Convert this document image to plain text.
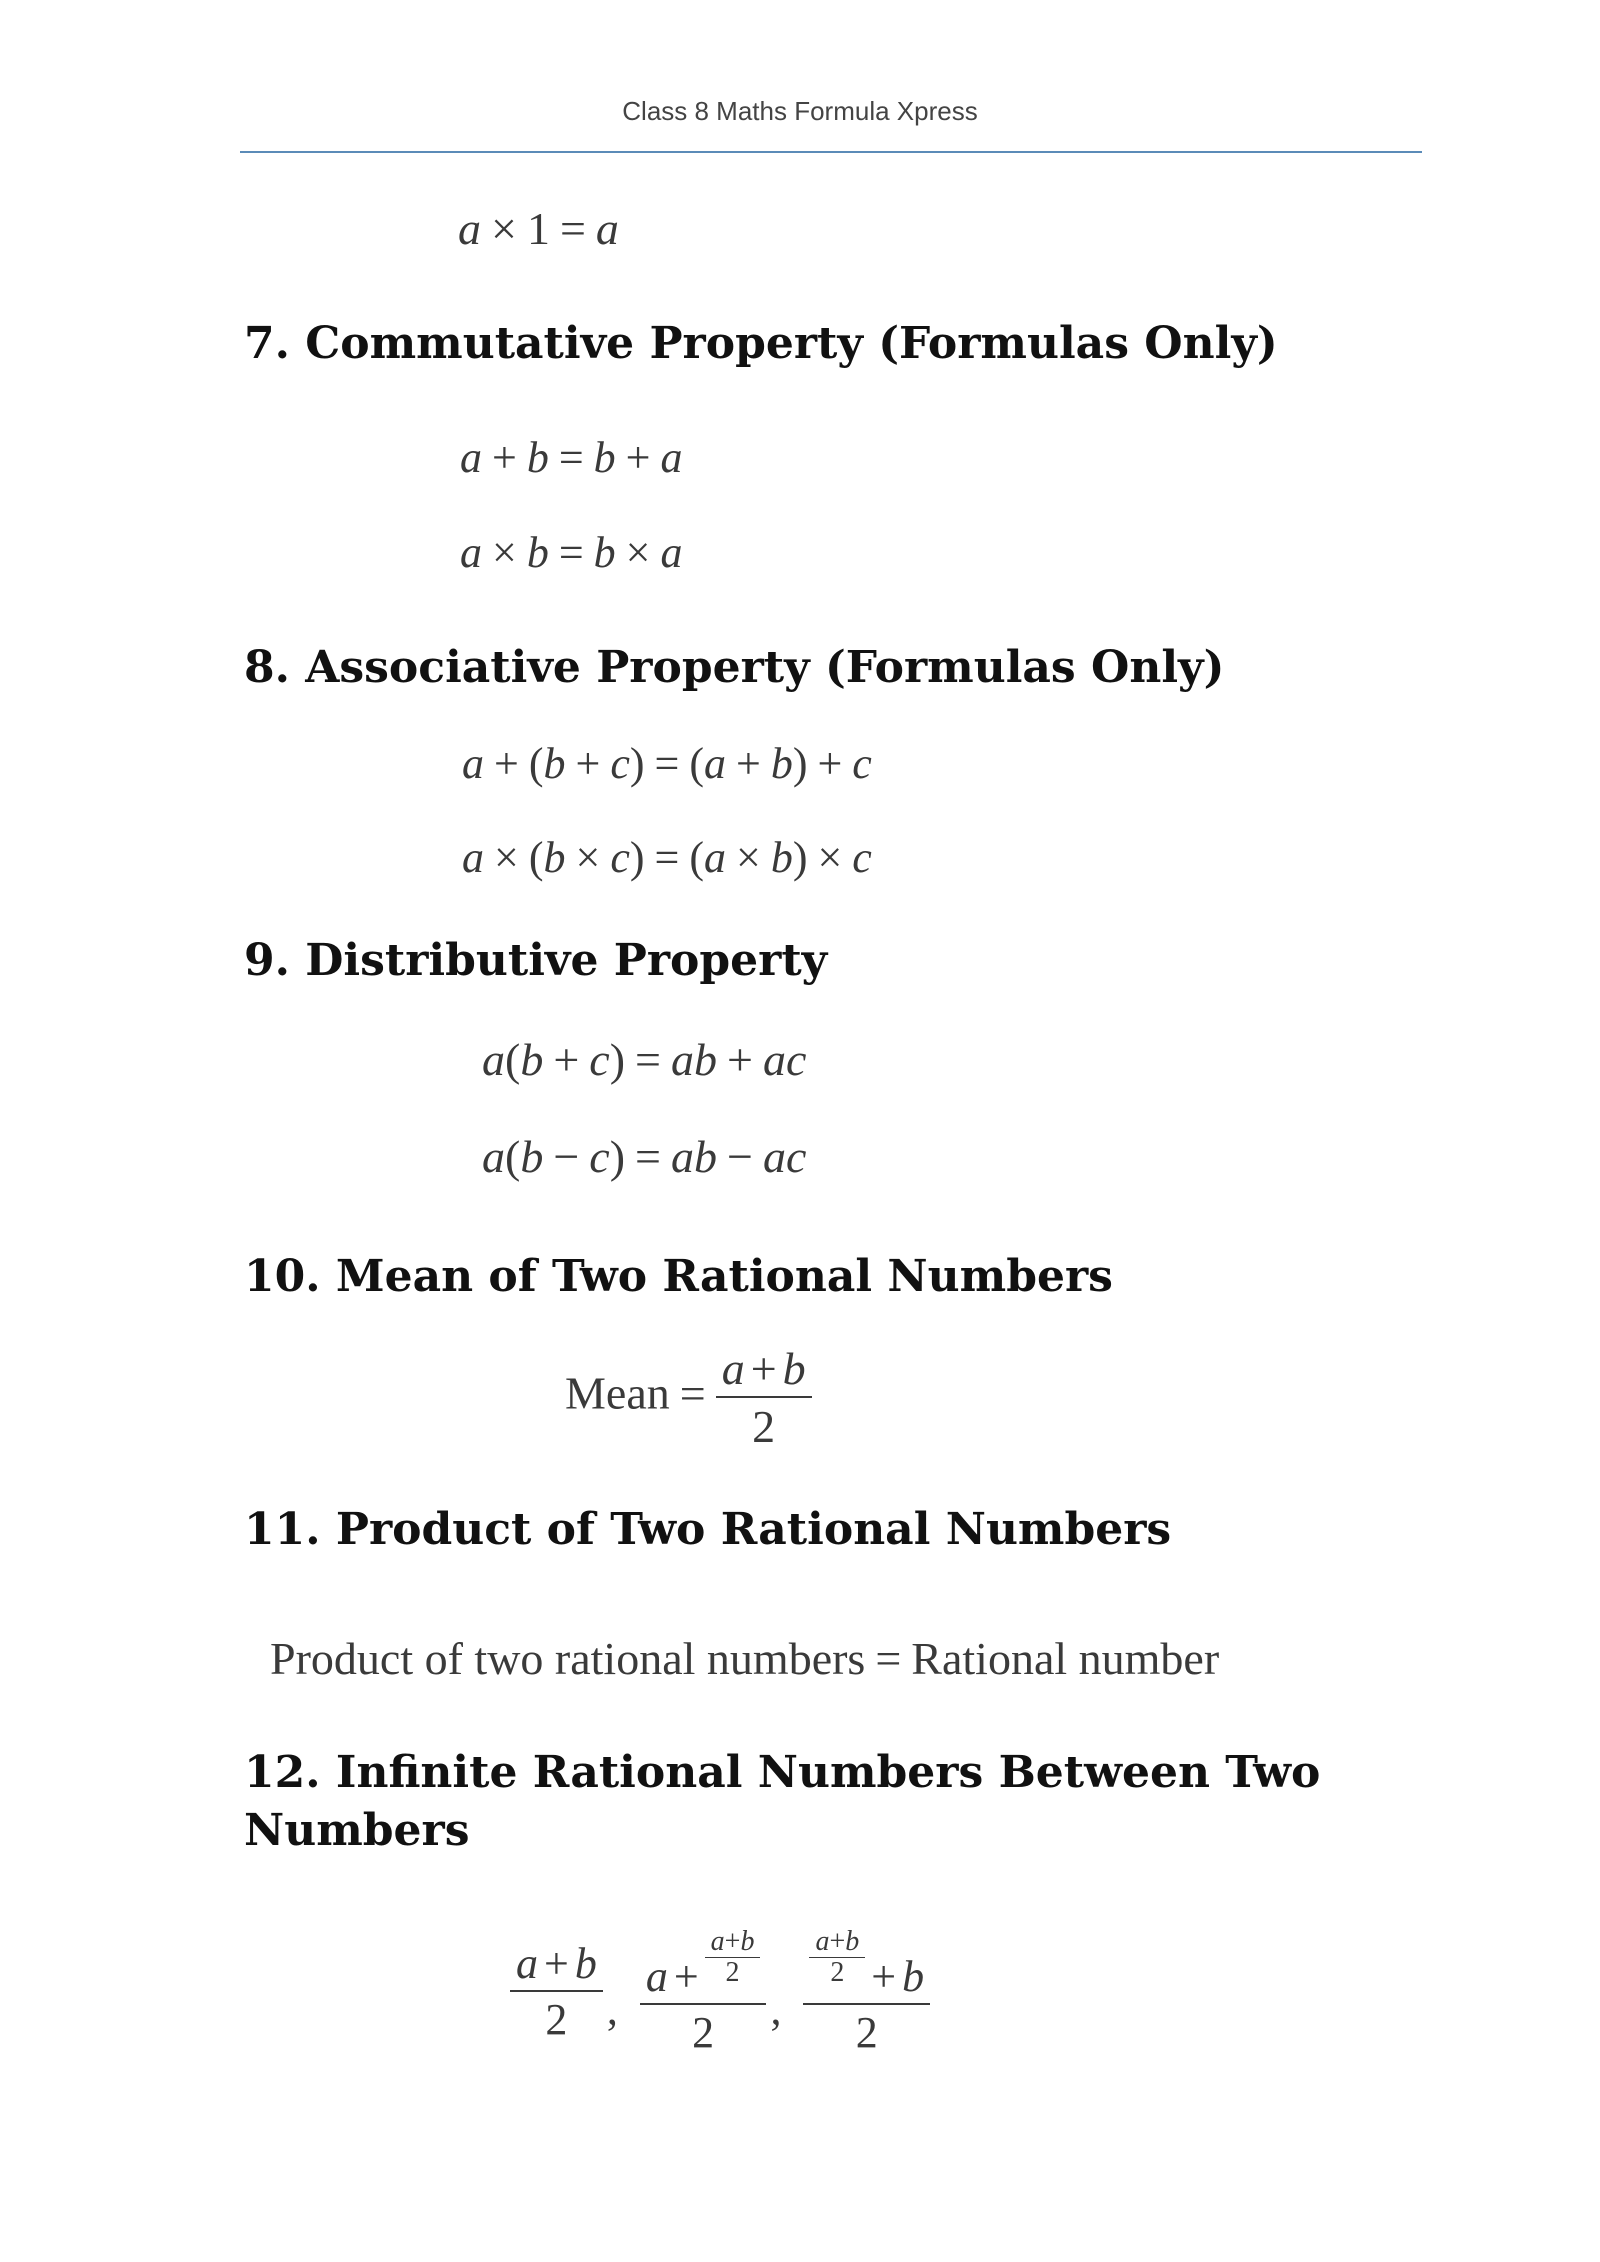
Class 8 Maths Formula Xpress
a × 1 = a
7. Commutative Property (Formulas Only)
a + b = b + a
a × b = b × a
8. Associative Property (Formulas Only)
a + (b + c) = (a + b) + c
a × (b × c) = (a × b) × c
9. Distributive Property
a(b + c) = ab + ac
a(b − c) = ab − ac
10. Mean of Two Rational Numbers
Mean = $\frac{a + b}{2}$
11. Product of Two Rational Numbers
Product of two rational numbers = Rational number
12. Infinite Rational Numbers Between Two Numbers
$\frac{a + b}{2}$ , $\frac{a + \frac{a+b}{2}}{2}$ , $\frac{\frac{a+b}{2} + b}{2}$
